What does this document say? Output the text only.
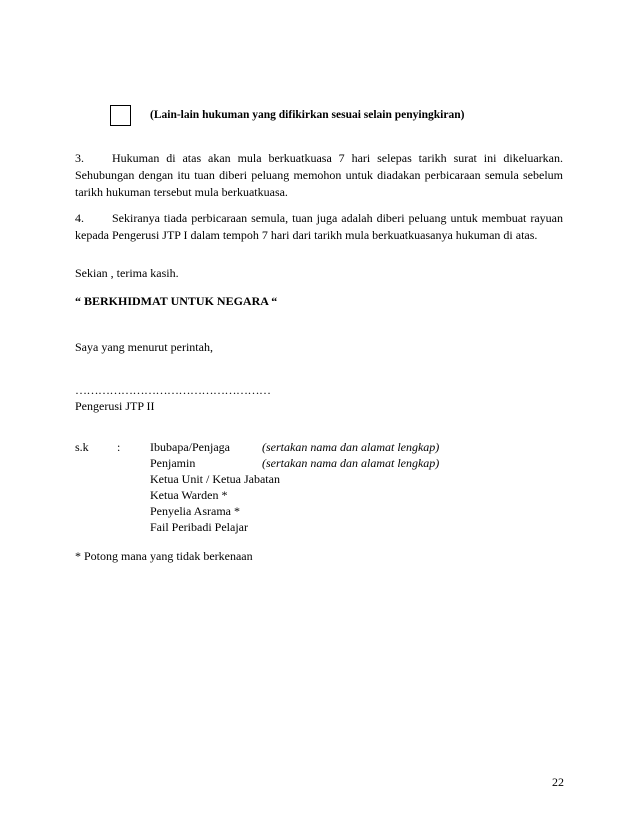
(Lain-lain hukuman yang difikirkan sesuai selain penyingkiran)

3. Hukuman di atas akan mula berkuatkuasa 7 hari selepas tarikh surat ini dikeluarkan. Sehubungan dengan itu tuan diberi peluang memohon untuk diadakan perbicaraan semula sebelum tarikh hukuman tersebut mula berkuatkuasa.

4. Sekiranya tiada perbicaraan semula, tuan juga adalah diberi peluang untuk membuat rayuan kepada Pengerusi JTP I dalam tempoh 7 hari dari tarikh mula berkuatkuasanya hukuman di atas.

Sekian , terima kasih.
“ BERKHIDMAT UNTUK NEGARA “
Saya yang menurut perintah,
……………………………………………
Pengerusi JTP II
s.k : Ibubapa/Penjaga	(sertakan nama dan alamat lengkap)
Penjamin	(sertakan nama dan alamat lengkap)
Ketua Unit / Ketua Jabatan
Ketua Warden *
Penyelia Asrama *
Fail Peribadi Pelajar
* Potong mana yang tidak berkenaan
22
